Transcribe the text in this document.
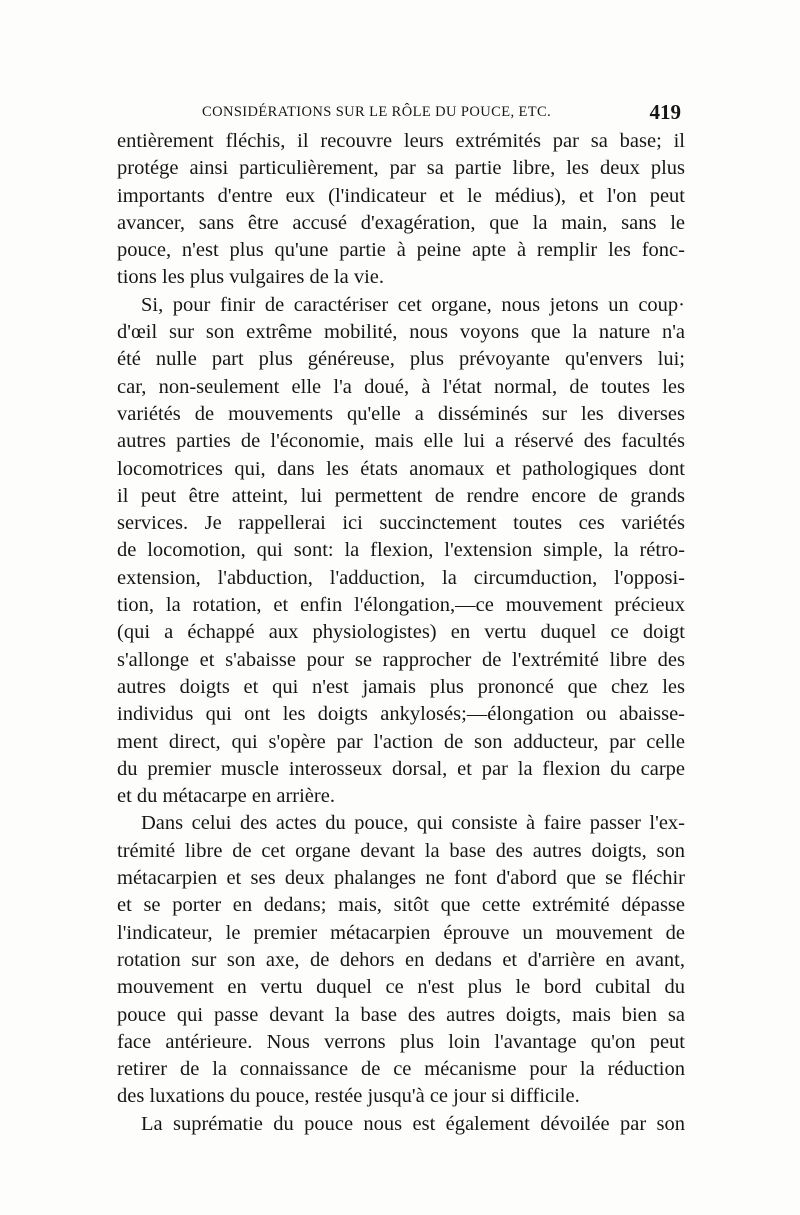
CONSIDÉRATIONS SUR LE RÔLE DU POUCE, ETC.	419
entièrement fléchis, il recouvre leurs extrémités par sa base; il
protége ainsi particulièrement, par sa partie libre, les deux plus
importants d'entre eux (l'indicateur et le médius), et l'on peut
avancer, sans être accusé d'exagération, que la main, sans le
pouce, n'est plus qu'une partie à peine apte à remplir les fonc-
tions les plus vulgaires de la vie.
Si, pour finir de caractériser cet organe, nous jetons un coup·
d'œil sur son extrême mobilité, nous voyons que la nature n'a
été nulle part plus généreuse, plus prévoyante qu'envers lui;
car, non-seulement elle l'a doué, à l'état normal, de toutes les
variétés de mouvements qu'elle a disséminés sur les diverses
autres parties de l'économie, mais elle lui a réservé des facultés
locomotrices qui, dans les états anomaux et pathologiques dont
il peut être atteint, lui permettent de rendre encore de grands
services. Je rappellerai ici succinctement toutes ces variétés
de locomotion, qui sont: la flexion, l'extension simple, la rétro-
extension, l'abduction, l'adduction, la circumduction, l'opposi-
tion, la rotation, et enfin l'élongation,—ce mouvement précieux
(qui a échappé aux physiologistes) en vertu duquel ce doigt
s'allonge et s'abaisse pour se rapprocher de l'extrémité libre des
autres doigts et qui n'est jamais plus prononcé que chez les
individus qui ont les doigts ankylosés;—élongation ou abaisse-
ment direct, qui s'opère par l'action de son adducteur, par celle
du premier muscle interosseux dorsal, et par la flexion du carpe
et du métacarpe en arrière.
Dans celui des actes du pouce, qui consiste à faire passer l'ex-
trémité libre de cet organe devant la base des autres doigts, son
métacarpien et ses deux phalanges ne font d'abord que se fléchir
et se porter en dedans; mais, sitôt que cette extrémité dépasse
l'indicateur, le premier métacarpien éprouve un mouvement de
rotation sur son axe, de dehors en dedans et d'arrière en avant,
mouvement en vertu duquel ce n'est plus le bord cubital du
pouce qui passe devant la base des autres doigts, mais bien sa
face antérieure. Nous verrons plus loin l'avantage qu'on peut
retirer de la connaissance de ce mécanisme pour la réduction
des luxations du pouce, restée jusqu'à ce jour si difficile.
La suprématie du pouce nous est également dévoilée par son
